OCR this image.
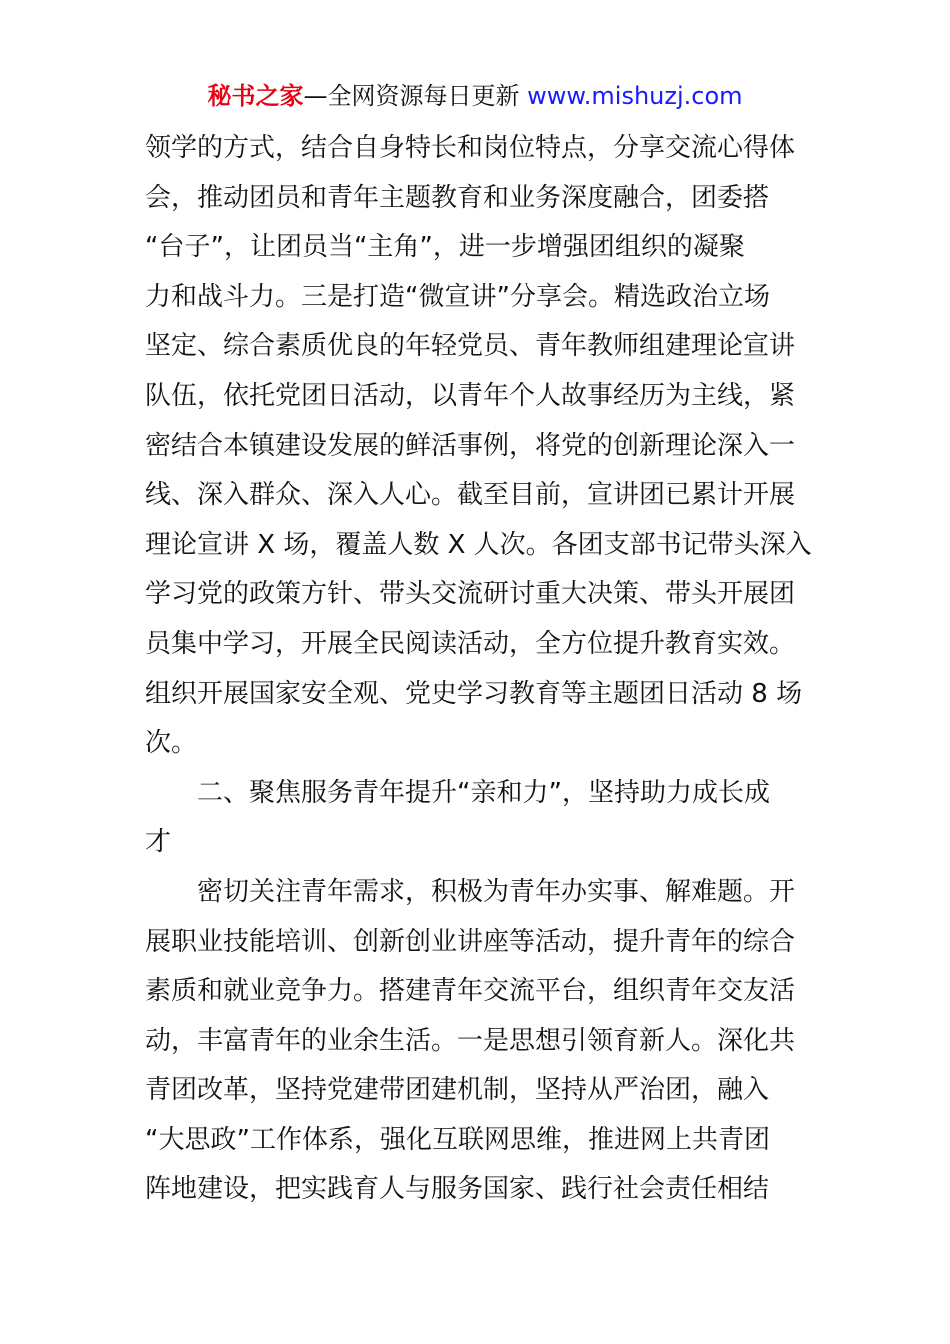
秘书之家—全网资源每日更新 www.mishuzj.com
领学的方式，结合自身特长和岗位特点，分享交流心得体
会，推动团员和青年主题教育和业务深度融合，团委搭
“台子”，让团员当“主角”，进一步增强团组织的凝聚
力和战斗力。三是打造“微宣讲”分享会。精选政治立场
坚定、综合素质优良的年轻党员、青年教师组建理论宣讲
队伍，依托党团日活动，以青年个人故事经历为主线，紧
密结合本镇建设发展的鲜活事例，将党的创新理论深入一
线、深入群众、深入人心。截至目前，宣讲团已累计开展
理论宣讲 X 场，覆盖人数 X 人次。各团支部书记带头深入
学习党的政策方针、带头交流研讨重大决策、带头开展团
员集中学习，开展全民阅读活动，全方位提升教育实效。
组织开展国家安全观、党史学习教育等主题团日活动 8 场
次。
二、聚焦服务青年提升“亲和力”，坚持助力成长成
才
密切关注青年需求，积极为青年办实事、解难题。开
展职业技能培训、创新创业讲座等活动，提升青年的综合
素质和就业竞争力。搭建青年交流平台，组织青年交友活
动，丰富青年的业余生活。一是思想引领育新人。深化共
青团改革，坚持党建带团建机制，坚持从严治团，融入
“大思政”工作体系，强化互联网思维，推进网上共青团
阵地建设，把实践育人与服务国家、践行社会责任相结
